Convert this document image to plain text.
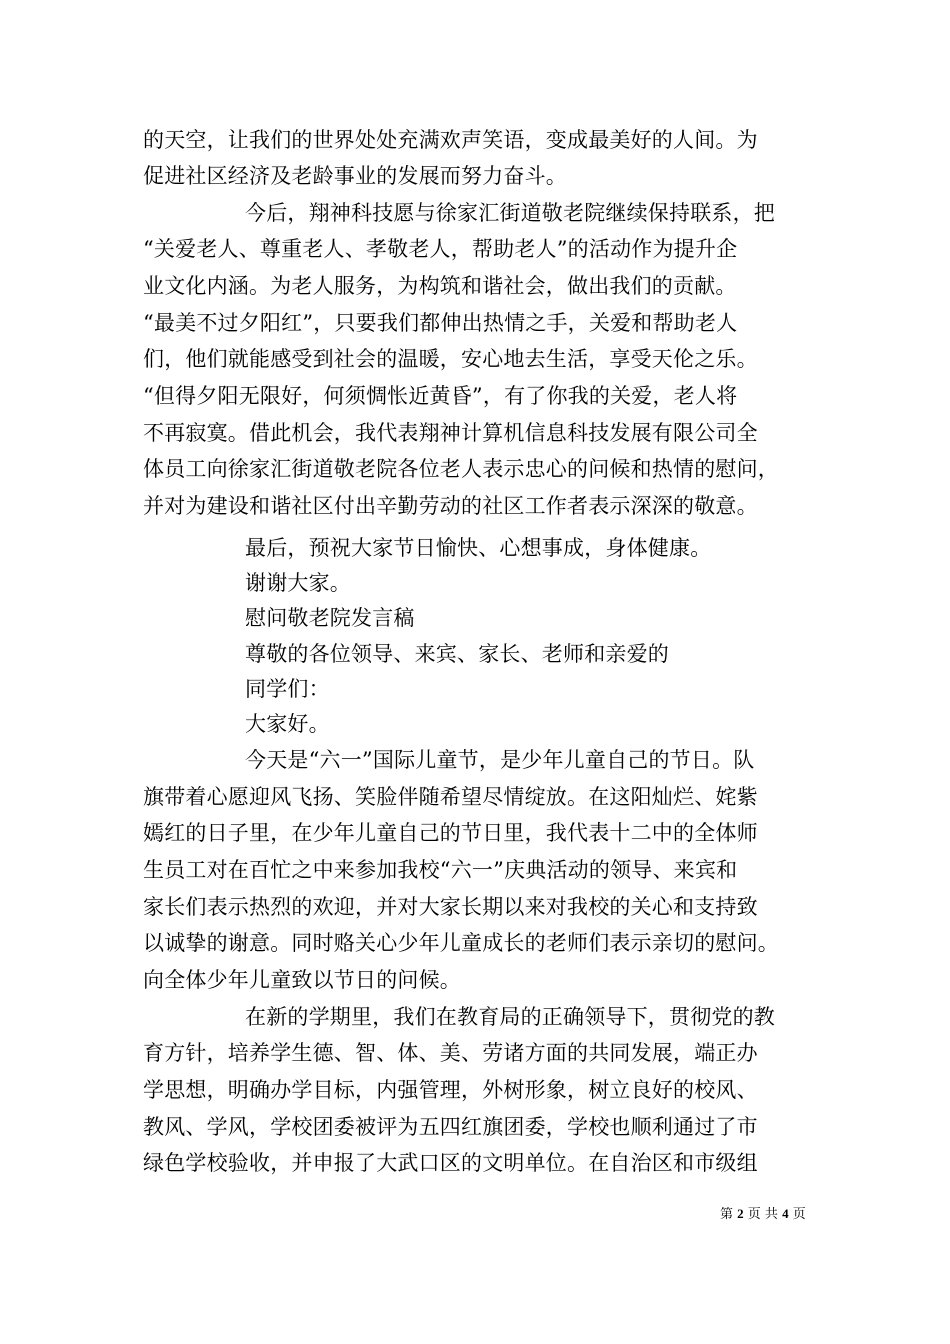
的天空，让我们的世界处处充满欢声笑语，变成最美好的人间。为
促进社区经济及老龄事业的发展而努力奋斗。
今后，翔神科技愿与徐家汇街道敬老院继续保持联系，把
“关爱老人、尊重老人、孝敬老人，帮助老人”的活动作为提升企
业文化内涵。为老人服务，为构筑和谐社会，做出我们的贡献。
“最美不过夕阳红”，只要我们都伸出热情之手，关爱和帮助老人
们，他们就能感受到社会的温暖，安心地去生活，享受天伦之乐。
“但得夕阳无限好，何须惆怅近黄昏”，有了你我的关爱，老人将
不再寂寞。借此机会，我代表翔神计算机信息科技发展有限公司全
体员工向徐家汇街道敬老院各位老人表示忠心的问候和热情的慰问，
并对为建设和谐社区付出辛勤劳动的社区工作者表示深深的敬意。
最后，预祝大家节日愉快、心想事成，身体健康。
谢谢大家。
慰问敬老院发言稿
尊敬的各位领导、来宾、家长、老师和亲爱的
同学们：
大家好。
今天是“六一”国际儿童节，是少年儿童自己的节日。队
旗带着心愿迎风飞扬、笑脸伴随希望尽情绽放。在这阳灿烂、姹紫
嫣红的日子里，在少年儿童自己的节日里，我代表十二中的全体师
生员工对在百忙之中来参加我校“六一”庆典活动的领导、来宾和
家长们表示热烈的欢迎，并对大家长期以来对我校的关心和支持致
以诚挚的谢意。同时赂关心少年儿童成长的老师们表示亲切的慰问。
向全体少年儿童致以节日的问候。
在新的学期里，我们在教育局的正确领导下，贯彻党的教
育方针，培养学生德、智、体、美、劳诸方面的共同发展，端正办
学思想，明确办学目标，内强管理，外树形象，树立良好的校风、
教风、学风，学校团委被评为五四红旗团委，学校也顺利通过了市
绿色学校验收，并申报了大武口区的文明单位。在自治区和市级组
第 2 页 共 4 页
